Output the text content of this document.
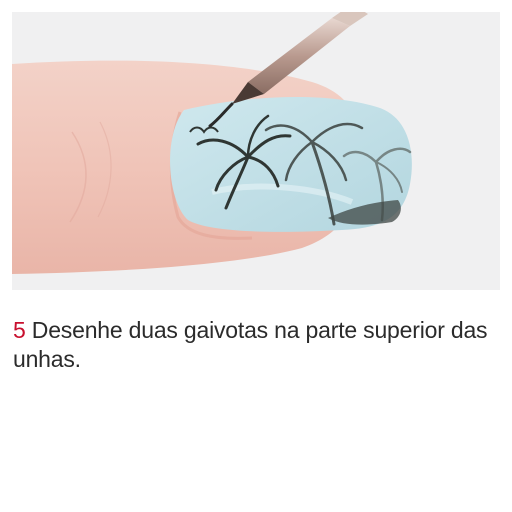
5 Desenhe duas gaivotas na parte superior das unhas.
